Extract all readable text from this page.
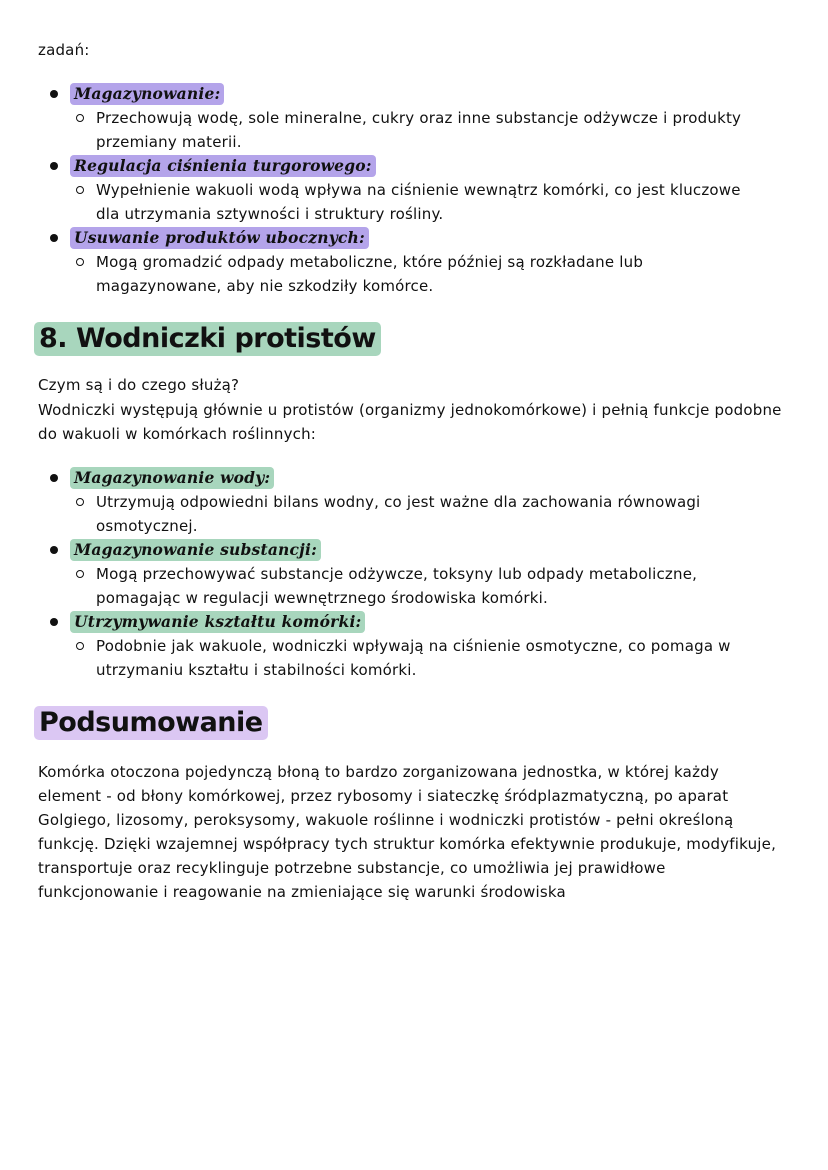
zadań:
Magazynowanie:
Przechowują wodę, sole mineralne, cukry oraz inne substancje odżywcze i produkty przemiany materii.
Regulacja ciśnienia turgorowego:
Wypełnienie wakuoli wodą wpływa na ciśnienie wewnątrz komórki, co jest kluczowe dla utrzymania sztywności i struktury rośliny.
Usuwanie produktów ubocznych:
Mogą gromadzić odpady metaboliczne, które później są rozkładane lub magazynowane, aby nie szkodziły komórce.
8. Wodniczki protistów
Czym są i do czego służą?
Wodniczki występują głównie u protistów (organizmy jednokomórkowe) i pełnią funkcje podobne do wakuoli w komórkach roślinnych:
Magazynowanie wody:
Utrzymują odpowiedni bilans wodny, co jest ważne dla zachowania równowagi osmotycznej.
Magazynowanie substancji:
Mogą przechowywać substancje odżywcze, toksyny lub odpady metaboliczne, pomagając w regulacji wewnętrznego środowiska komórki.
Utrzymywanie kształtu komórki:
Podobnie jak wakuole, wodniczki wpływają na ciśnienie osmotyczne, co pomaga w utrzymaniu kształtu i stabilności komórki.
Podsumowanie
Komórka otoczona pojedynczą błoną to bardzo zorganizowana jednostka, w której każdy element - od błony komórkowej, przez rybosomy i siateczkę śródplazmatyczną, po aparat Golgiego, lizosomy, peroksysomy, wakuole roślinne i wodniczki protistów - pełni określoną funkcję. Dzięki wzajemnej współpracy tych struktur komórka efektywnie produkuje, modyfikuje, transportuje oraz recyklinguje potrzebne substancje, co umożliwia jej prawidłowe funkcjonowanie i reagowanie na zmieniające się warunki środowiska
